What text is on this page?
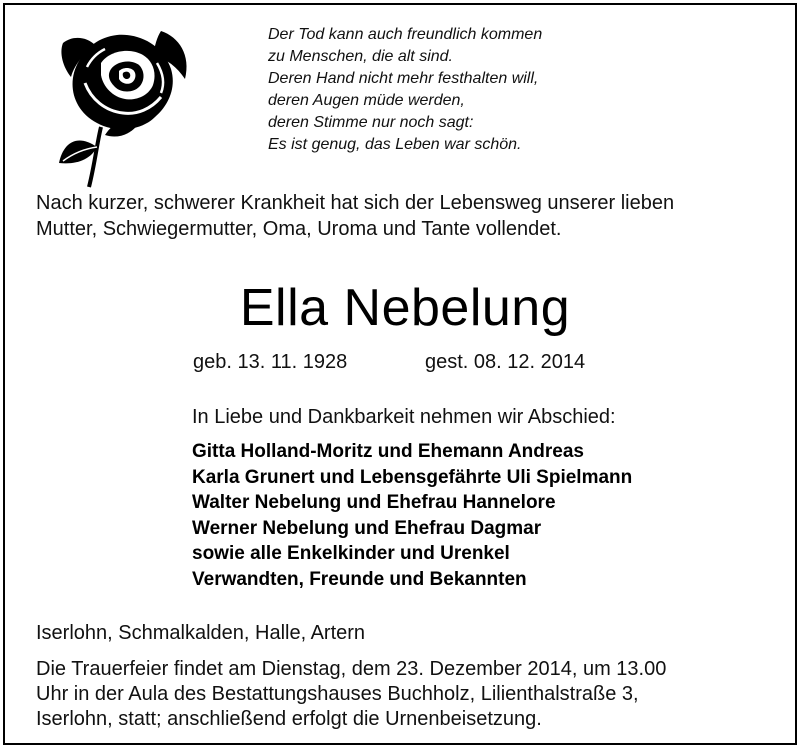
Der Tod kann auch freundlich kommen
zu Menschen, die alt sind.
Deren Hand nicht mehr festhalten will,
deren Augen müde werden,
deren Stimme nur noch sagt:
Es ist genug, das Leben war schön.
Nach kurzer, schwerer Krankheit hat sich der Lebensweg unserer lieben
Mutter, Schwiegermutter, Oma, Uroma und Tante vollendet.
Ella Nebelung
geb. 13. 11. 1928	gest. 08. 12. 2014
In Liebe und Dankbarkeit nehmen wir Abschied:
Gitta Holland-Moritz und Ehemann Andreas
Karla Grunert und Lebensgefährte Uli Spielmann
Walter Nebelung und Ehefrau Hannelore
Werner Nebelung und Ehefrau Dagmar
sowie alle Enkelkinder und Urenkel
Verwandten, Freunde und Bekannten
Iserlohn, Schmalkalden, Halle, Artern
Die Trauerfeier findet am Dienstag, dem 23. Dezember 2014, um 13.00
Uhr in der Aula des Bestattungshauses Buchholz, Lilienthalstraße 3,
Iserlohn, statt; anschließend erfolgt die Urnenbeisetzung.
